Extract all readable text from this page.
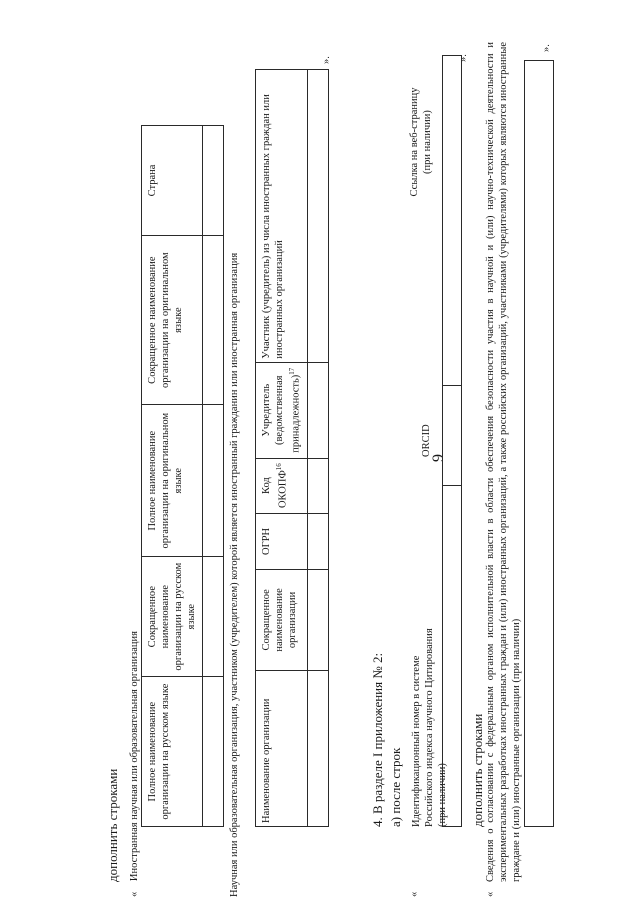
9
дополнить строками
« Иностранная научная или образовательная организация Полное наименование организации на русском языке	Сокращенное наименование организации на русском языке	Полное наименование организации на оригинальном языке	Сокращенное наименование организации на оригинальном языке	Страна

Научная или образовательная организация, участником (учредителем) которой является иностранный гражданин или иностранная организация	Наименование организации	Сокращенное наименование организации	ОГРН	Код ОКОПФ$^{16}$	Учредитель (ведомственная принадлежность)$^{17}$	Участник (учредитель) из числа иностранных граждан или иностранных организаций

».
4. В разделе I приложения № 2: а) после строк
«
Идентификационный номер в системе Российского индекса научного Цитирования (при наличии)
ORCID
Ссылка на веб-страницу (при наличии)
».
дополнить строками
«
Сведения о согласовании с федеральным органом исполнительной власти в области обеспечения безопасности участия в научной и (или) научно-технической деятельности и экспериментальных разработках иностранных граждан и (или) иностранных организаций, а также российских организаций, участниками (учредителями) которых являются иностранные граждане и (или) иностранные организации (при наличии)
».
